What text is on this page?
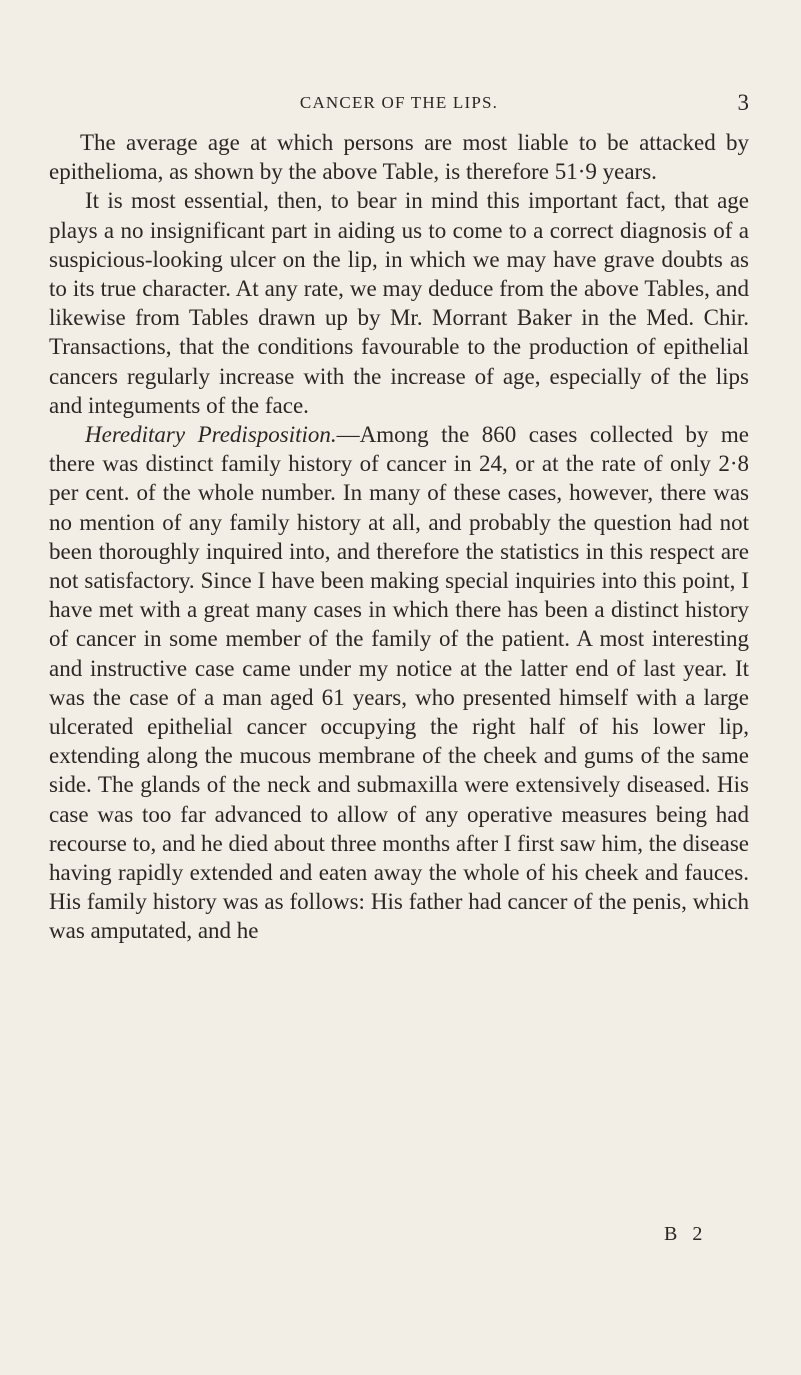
CANCER OF THE LIPS.	3

The average age at which persons are most liable to be attacked by epithelioma, as shown by the above Table, is therefore 51·9 years.

It is most essential, then, to bear in mind this important fact, that age plays a no insignificant part in aiding us to come to a correct diagnosis of a suspicious-looking ulcer on the lip, in which we may have grave doubts as to its true character. At any rate, we may deduce from the above Tables, and likewise from Tables drawn up by Mr. Morrant Baker in the Med. Chir. Transactions, that the conditions favourable to the production of epithelial cancers regularly increase with the increase of age, especially of the lips and integuments of the face.

Hereditary Predisposition.—Among the 860 cases collected by me there was distinct family history of cancer in 24, or at the rate of only 2·8 per cent. of the whole number. In many of these cases, however, there was no mention of any family history at all, and probably the question had not been thoroughly inquired into, and therefore the statistics in this respect are not satisfactory. Since I have been making special inquiries into this point, I have met with a great many cases in which there has been a distinct history of cancer in some member of the family of the patient. A most interesting and instructive case came under my notice at the latter end of last year. It was the case of a man aged 61 years, who presented himself with a large ulcerated epithelial cancer occupying the right half of his lower lip, extending along the mucous membrane of the cheek and gums of the same side. The glands of the neck and submaxilla were extensively diseased. His case was too far advanced to allow of any operative measures being had recourse to, and he died about three months after I first saw him, the disease having rapidly extended and eaten away the whole of his cheek and fauces. His family history was as follows: His father had cancer of the penis, which was amputated, and he

B 2
